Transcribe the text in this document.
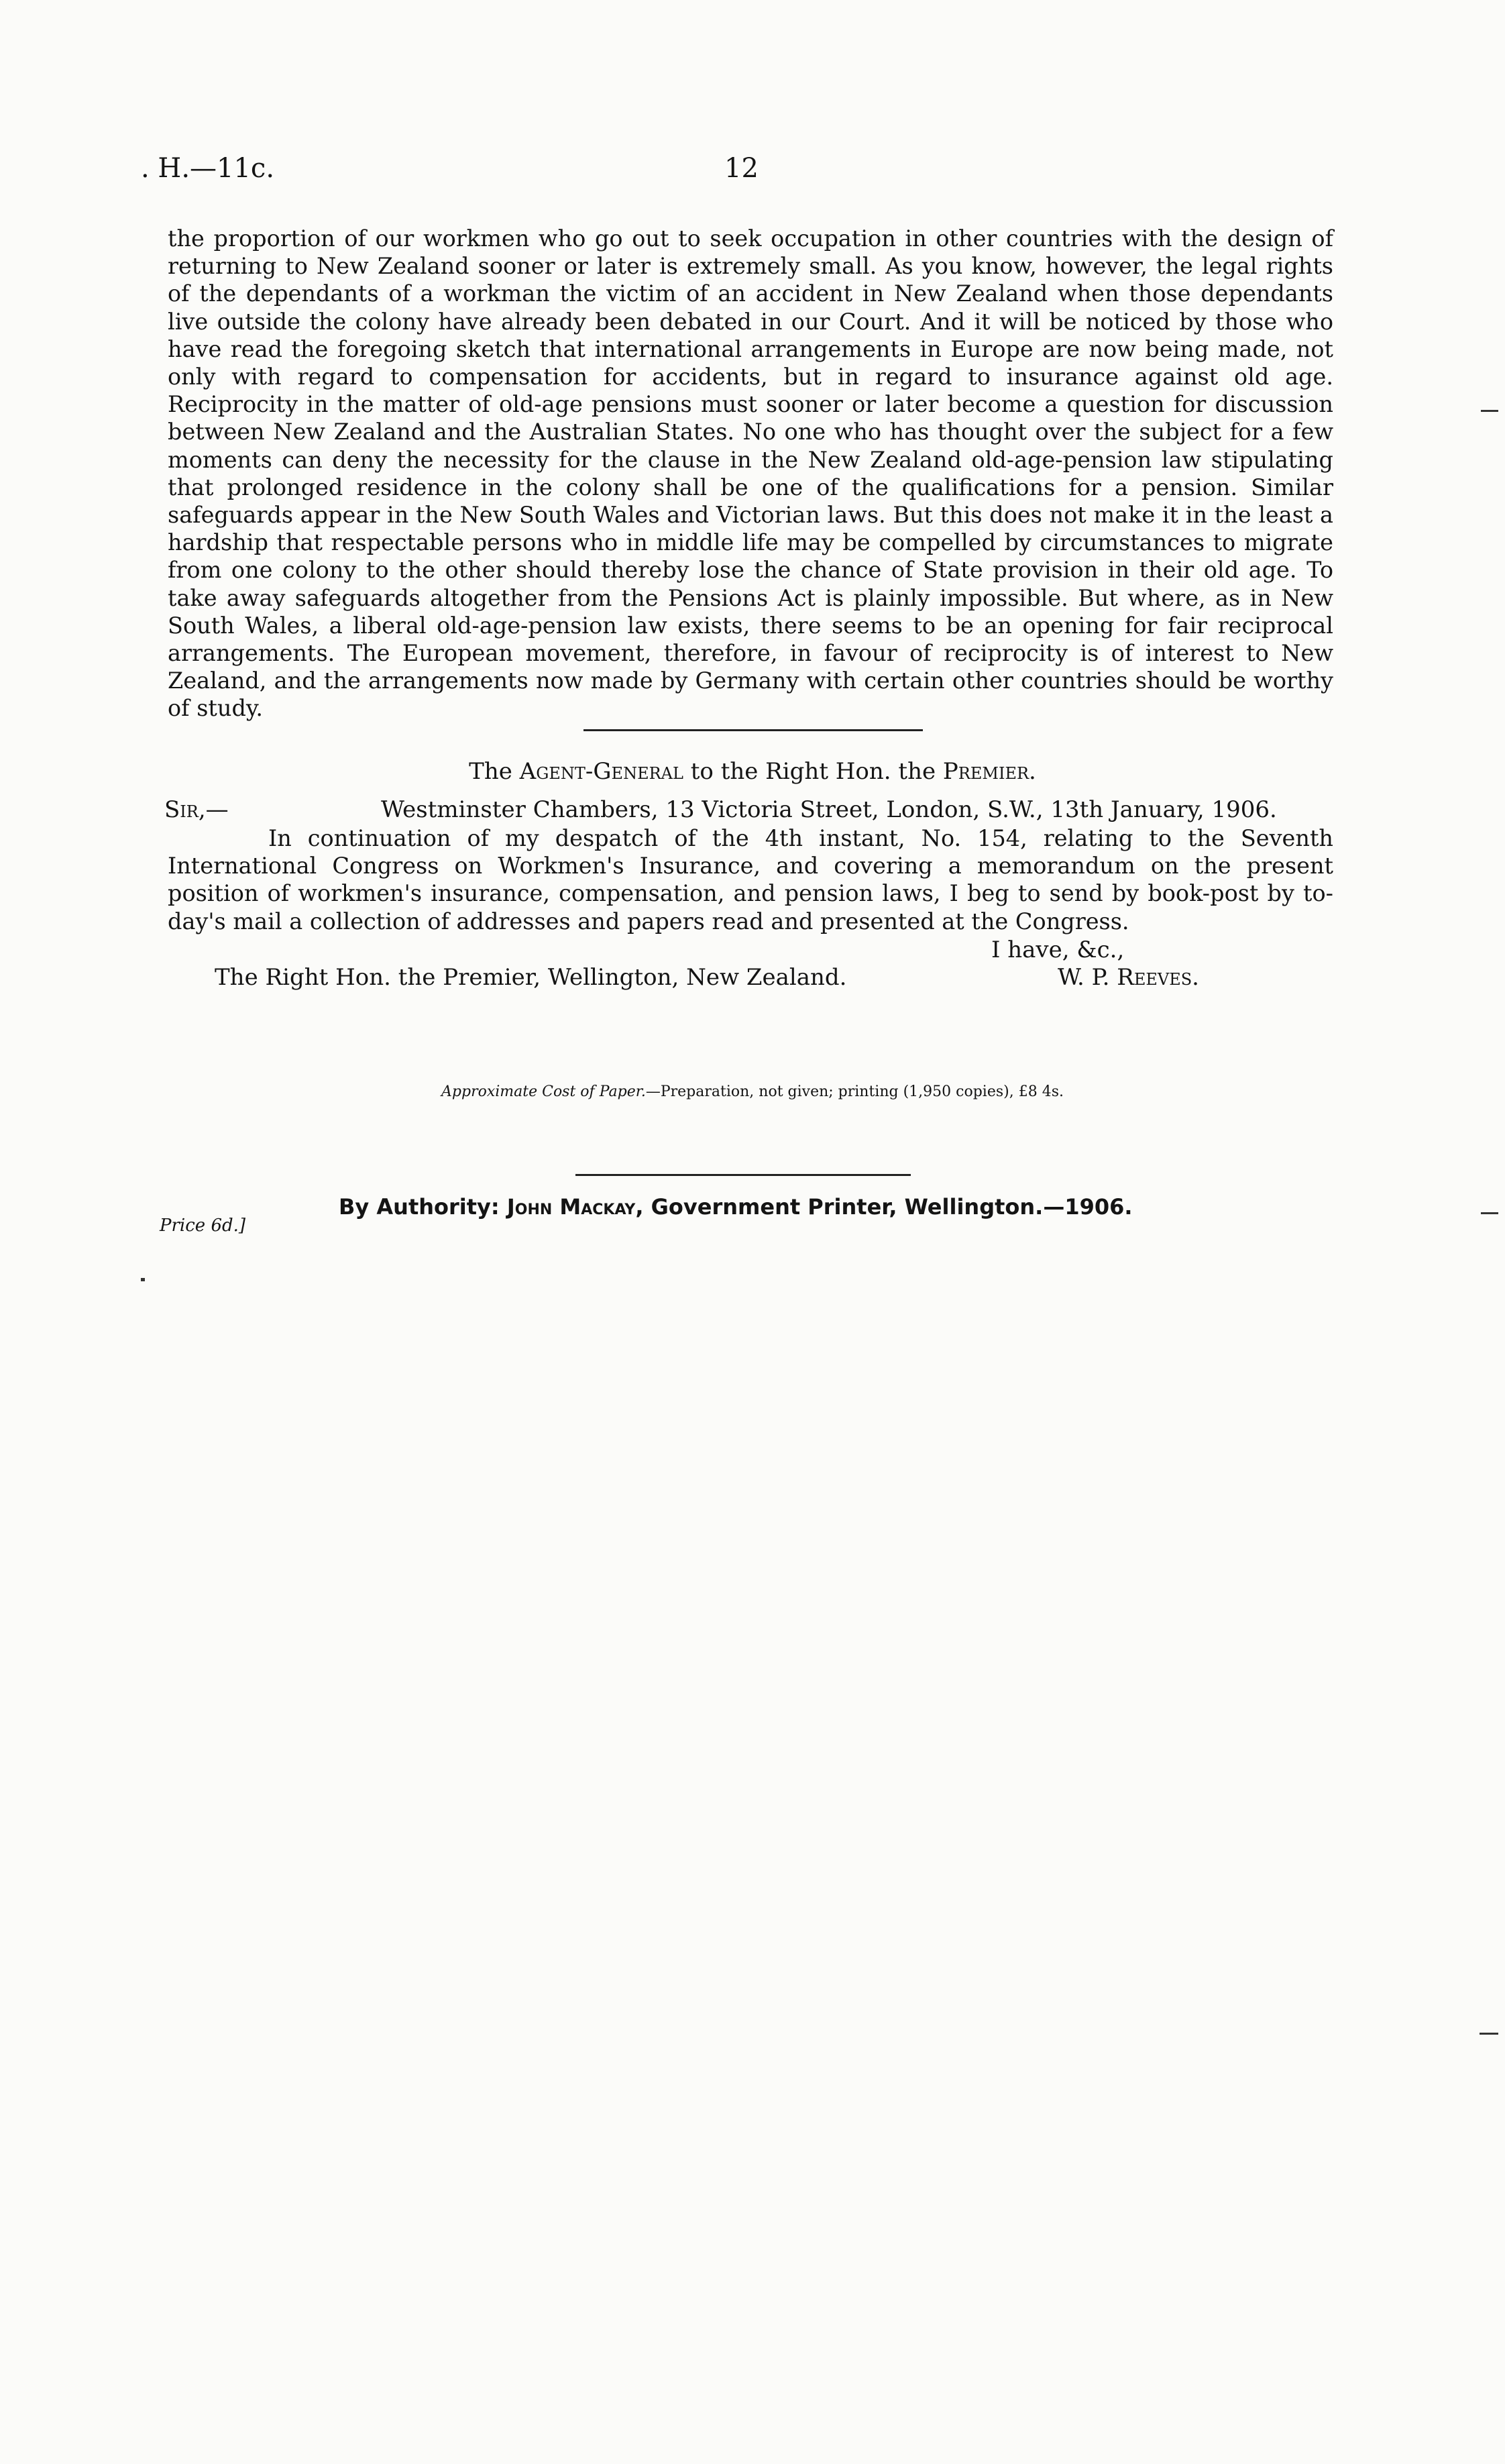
. H.—11c.	12

the proportion of our workmen who go out to seek occupation in other countries with the design of returning to New Zealand sooner or later is extremely small. As you know, however, the legal rights of the dependants of a workman the victim of an accident in New Zealand when those dependants live outside the colony have already been debated in our Court. And it will be noticed by those who have read the foregoing sketch that international arrangements in Europe are now being made, not only with regard to compensation for accidents, but in regard to insurance against old age. Reciprocity in the matter of old-age pensions must sooner or later become a question for discussion between New Zealand and the Australian States. No one who has thought over the subject for a few moments can deny the necessity for the clause in the New Zealand old-age-pension law stipulating that prolonged residence in the colony shall be one of the qualifications for a pension. Similar safeguards appear in the New South Wales and Victorian laws. But this does not make it in the least a hardship that respectable persons who in middle life may be compelled by circumstances to migrate from one colony to the other should thereby lose the chance of State provision in their old age. To take away safeguards altogether from the Pensions Act is plainly impossible. But where, as in New South Wales, a liberal old-age-pension law exists, there seems to be an opening for fair reciprocal arrangements. The European movement, therefore, in favour of reciprocity is of interest to New Zealand, and the arrangements now made by Germany with certain other countries should be worthy of study.

The Agent-General to the Right Hon. the Premier.
Sir,—	Westminster Chambers, 13 Victoria Street, London, S.W., 13th January, 1906.
In continuation of my despatch of the 4th instant, No. 154, relating to the Seventh International Congress on Workmen's Insurance, and covering a memorandum on the present position of workmen's insurance, compensation, and pension laws, I beg to send by book-post by to-day's mail a collection of addresses and papers read and presented at the Congress.
I have, &c.,
The Right Hon. the Premier, Wellington, New Zealand.	W. P. Reeves.
Approximate Cost of Paper.—Preparation, not given; printing (1,950 copies), £8 4s.
By Authority: John Mackay, Government Printer, Wellington.—1906.
Price 6d.]
